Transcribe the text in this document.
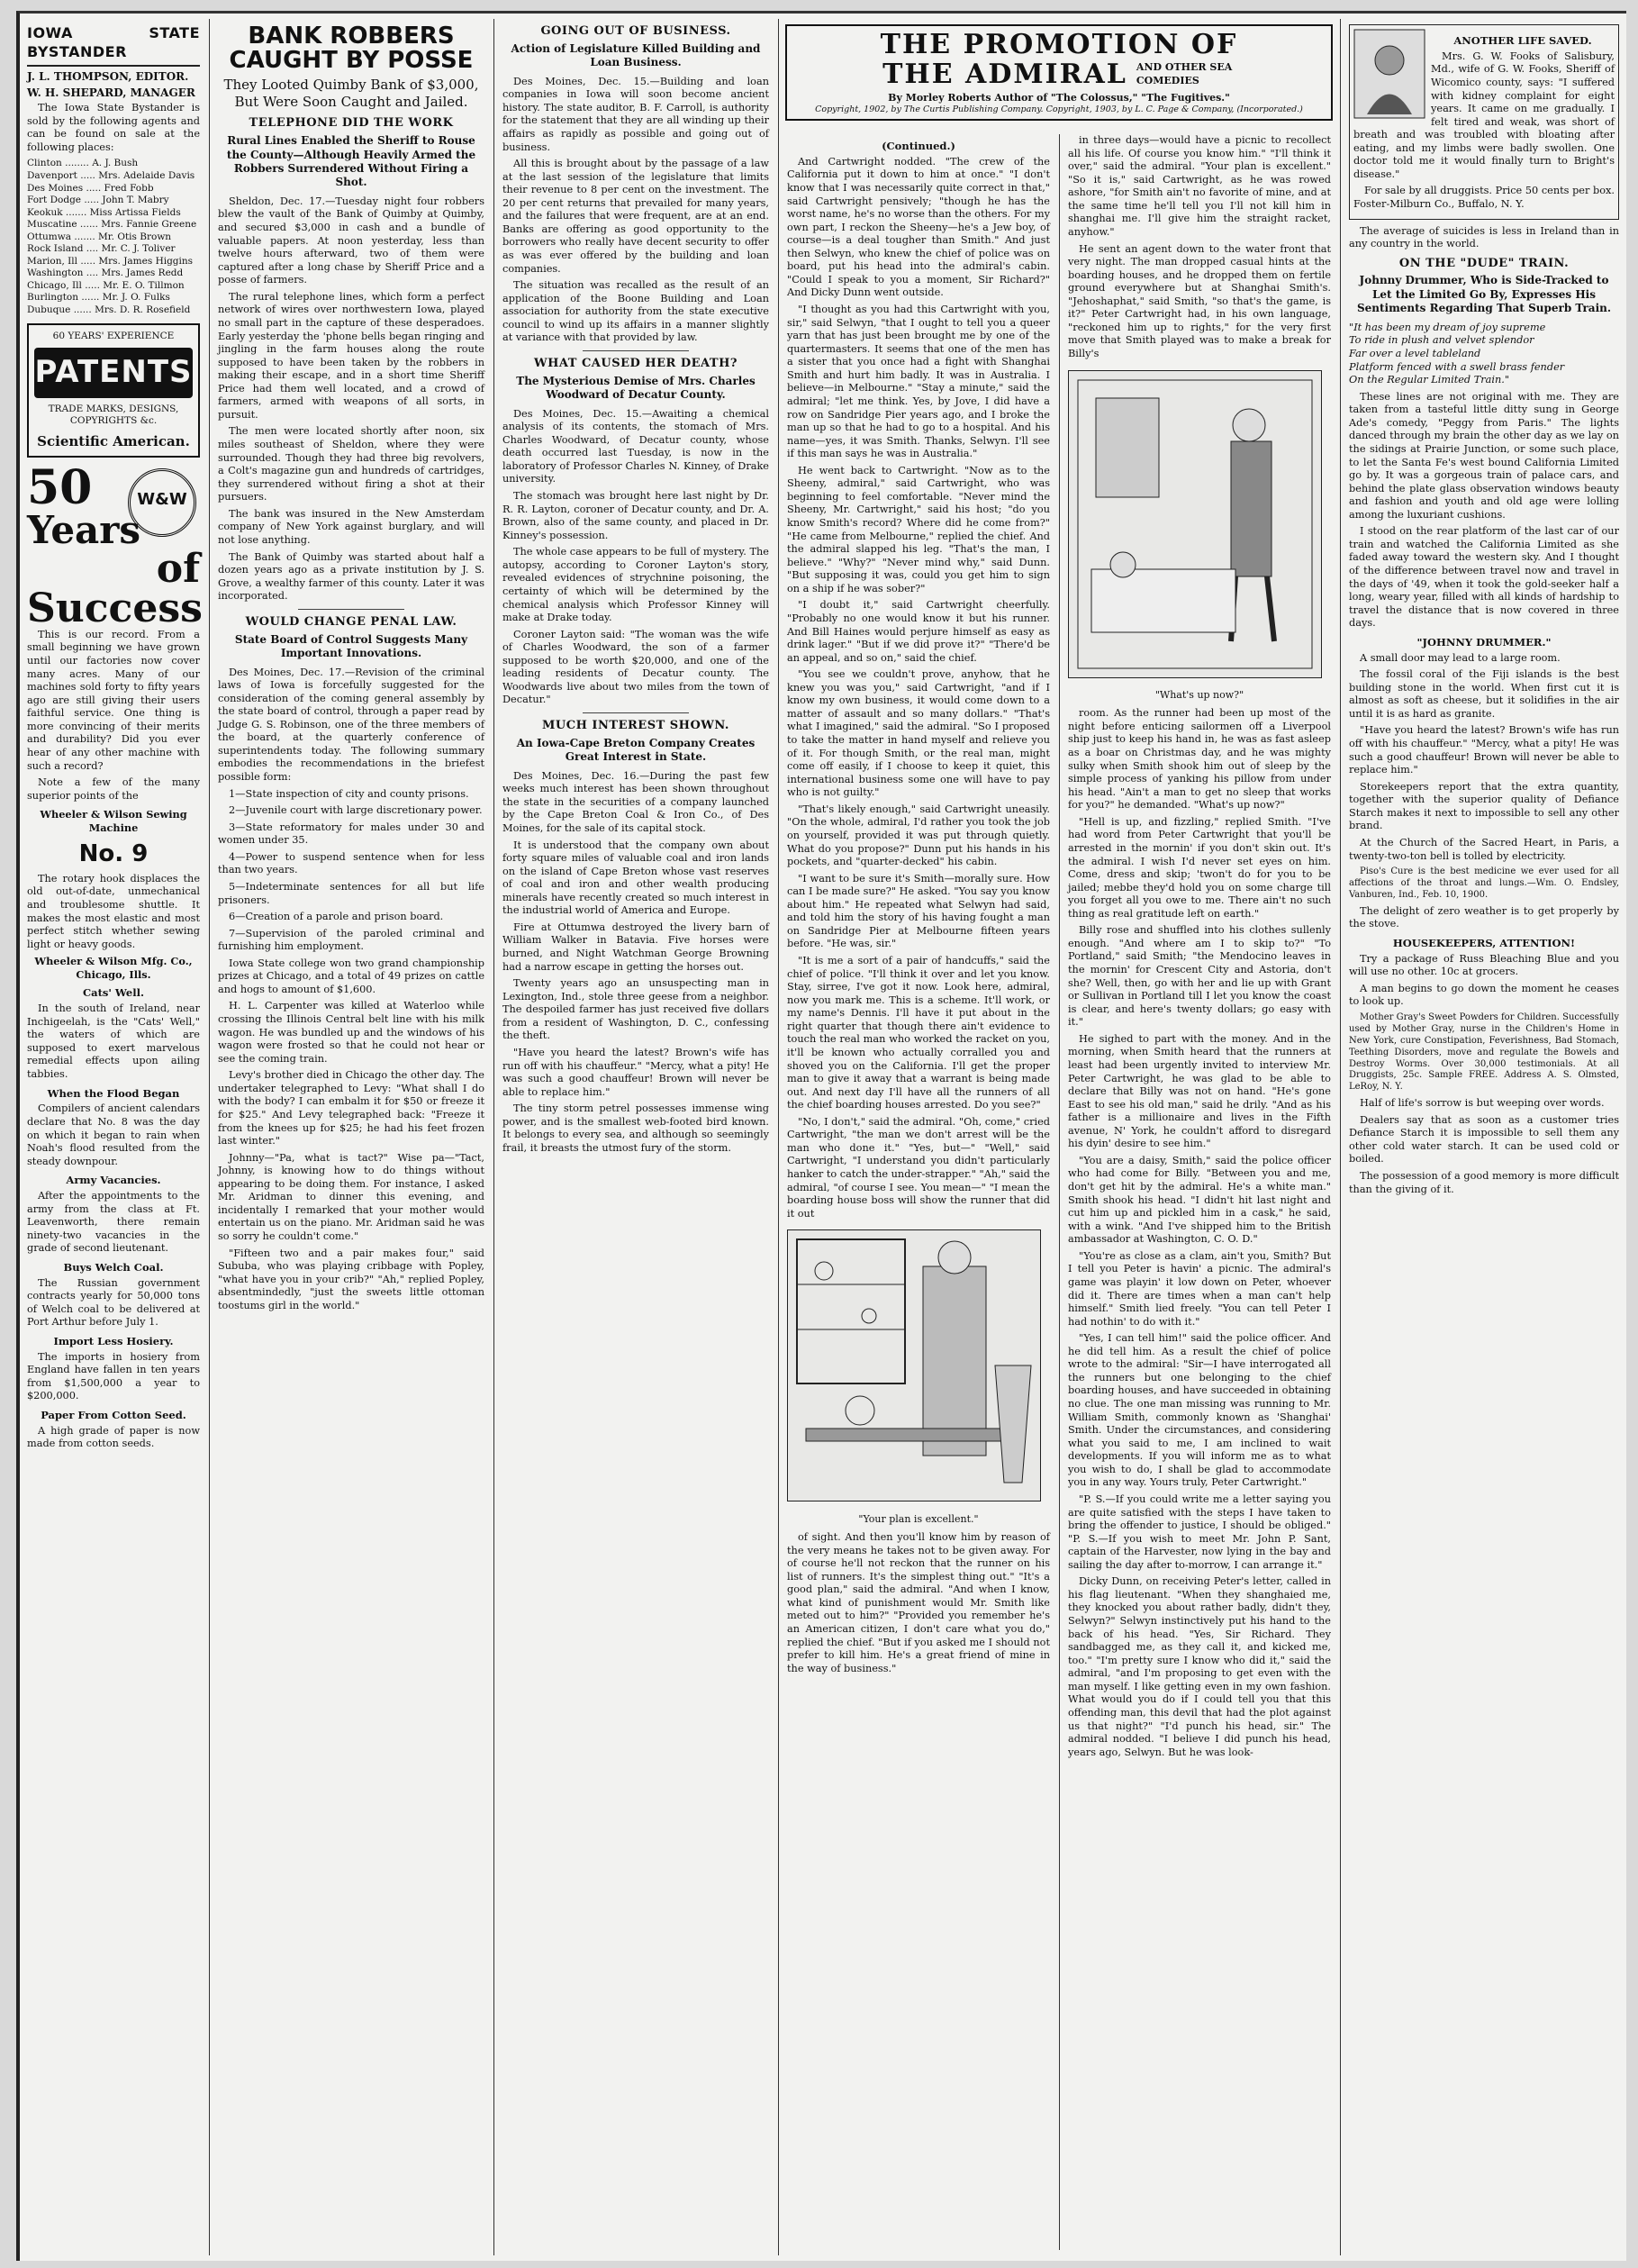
IOWA STATE BYSTANDER
J. L. THOMPSON, EDITOR.
W. H. SHEPARD, MANAGER

The Iowa State Bystander is sold by the following agents and can be found on sale at the following places:

Clinton ........ A. J. Bush
Davenport ..... Mrs. Adelaide Davis
Des Moines ..... Fred Fobb
Fort Dodge ..... John T. Mabry
Keokuk ....... Miss Artissa Fields
Muscatine ...... Mrs. Fannie Greene
Ottumwa ....... Mr. Otis Brown
Rock Island .... Mr. C. J. Toliver
Marion, Ill ..... Mrs. James Higgins
Washington .... Mrs. James Redd
Chicago, Ill ..... Mr. E. O. Tillmon
Burlington ...... Mr. J. O. Fulks
Dubuque ...... Mrs. D. R. Rosefield
60 YEARS' EXPERIENCE
PATENTS
TRADE MARKS, DESIGNS, COPYRIGHTS &c.
Scientific American.
50	W&W
Years
of Success

This is our record. From a small beginning we have grown until our factories now cover many acres. Many of our machines sold forty to fifty years ago are still giving their users faithful service. One thing is more convincing of their merits and durability? Did you ever hear of any other machine with such a record?

Note a few of the many superior points of the

Wheeler & Wilson Sewing Machine
No. 9

The rotary hook displaces the old out-of-date, unmechanical and troublesome shuttle. It makes the most elastic and most perfect stitch whether sewing light or heavy goods.

Wheeler & Wilson Mfg. Co., Chicago, Ills.
Cats' Well.

In the south of Ireland, near Inchigeelah, is the "Cats' Well," the waters of which are supposed to exert marvelous remedial effects upon ailing tabbies.

When the Flood Began

Compilers of ancient calendars declare that No. 8 was the day on which it began to rain when Noah's flood resulted from the steady downpour.

Army Vacancies.

After the appointments to the army from the class at Ft. Leavenworth, there remain ninety-two vacancies in the grade of second lieutenant.

Buys Welch Coal.

The Russian government contracts yearly for 50,000 tons of Welch coal to be delivered at Port Arthur before July 1.

Import Less Hosiery.

The imports in hosiery from England have fallen in ten years from $1,500,000 a year to $200,000.

Paper From Cotton Seed.

A high grade of paper is now made from cotton seeds.

BANK ROBBERS CAUGHT BY POSSE
They Looted Quimby Bank of $3,000, But Were Soon Caught and Jailed.
TELEPHONE DID THE WORK
Rural Lines Enabled the Sheriff to Rouse the County—Although Heavily Armed the Robbers Surrendered Without Firing a Shot.

Sheldon, Dec. 17.—Tuesday night four robbers blew the vault of the Bank of Quimby at Quimby, and secured $3,000 in cash and a bundle of valuable papers. At noon yesterday, less than twelve hours afterward, two of them were captured after a long chase by Sheriff Price and a posse of farmers.

The rural telephone lines, which form a perfect network of wires over northwestern Iowa, played no small part in the capture of these desperadoes. Early yesterday the 'phone bells began ringing and jingling in the farm houses along the route supposed to have been taken by the robbers in making their escape, and in a short time Sheriff Price had them well located, and a crowd of farmers, armed with weapons of all sorts, in pursuit.

The men were located shortly after noon, six miles southeast of Sheldon, where they were surrounded. Though they had three big revolvers, a Colt's magazine gun and hundreds of cartridges, they surrendered without firing a shot at their pursuers.

The bank was insured in the New Amsterdam company of New York against burglary, and will not lose anything.

The Bank of Quimby was started about half a dozen years ago as a private institution by J. S. Grove, a wealthy farmer of this county. Later it was incorporated.

WOULD CHANGE PENAL LAW.
State Board of Control Suggests Many Important Innovations.

Des Moines, Dec. 17.—Revision of the criminal laws of Iowa is forcefully suggested for the consideration of the coming general assembly by the state board of control, through a paper read by Judge G. S. Robinson, one of the three members of the board, at the quarterly conference of superintendents today. The following summary embodies the recommendations in the briefest possible form:

1—State inspection of city and county prisons.

2—Juvenile court with large discretionary power.

3—State reformatory for males under 30 and women under 35.

4—Power to suspend sentence when for less than two years.

5—Indeterminate sentences for all but life prisoners.

6—Creation of a parole and prison board.

7—Supervision of the paroled criminal and furnishing him employment.

Iowa State college won two grand championship prizes at Chicago, and a total of 49 prizes on cattle and hogs to amount of $1,600.

H. L. Carpenter was killed at Waterloo while crossing the Illinois Central belt line with his milk wagon. He was bundled up and the windows of his wagon were frosted so that he could not hear or see the coming train.

Levy's brother died in Chicago the other day. The undertaker telegraphed to Levy: "What shall I do with the body? I can embalm it for $50 or freeze it for $25." And Levy telegraphed back: "Freeze it from the knees up for $25; he had his feet frozen last winter."

Johnny—"Pa, what is tact?" Wise pa—"Tact, Johnny, is knowing how to do things without appearing to be doing them. For instance, I asked Mr. Aridman to dinner this evening, and incidentally I remarked that your mother would entertain us on the piano. Mr. Aridman said he was so sorry he couldn't come."

"Fifteen two and a pair makes four," said Sububa, who was playing cribbage with Popley, "what have you in your crib?" "Ah," replied Popley, absentmindedly, "just the sweets little ottoman toostums girl in the world."

GOING OUT OF BUSINESS.
Action of Legislature Killed Building and Loan Business.

Des Moines, Dec. 15.—Building and loan companies in Iowa will soon become ancient history. The state auditor, B. F. Carroll, is authority for the statement that they are all winding up their affairs as rapidly as possible and going out of business.

All this is brought about by the passage of a law at the last session of the legislature that limits their revenue to 8 per cent on the investment. The 20 per cent returns that prevailed for many years, and the failures that were frequent, are at an end. Banks are offering as good opportunity to the borrowers who really have decent security to offer as was ever offered by the building and loan companies.

The situation was recalled as the result of an application of the Boone Building and Loan association for authority from the state executive council to wind up its affairs in a manner slightly at variance with that provided by law.

WHAT CAUSED HER DEATH?
The Mysterious Demise of Mrs. Charles Woodward of Decatur County.

Des Moines, Dec. 15.—Awaiting a chemical analysis of its contents, the stomach of Mrs. Charles Woodward, of Decatur county, whose death occurred last Tuesday, is now in the laboratory of Professor Charles N. Kinney, of Drake university.

The stomach was brought here last night by Dr. R. R. Layton, coroner of Decatur county, and Dr. A. Brown, also of the same county, and placed in Dr. Kinney's possession.

The whole case appears to be full of mystery. The autopsy, according to Coroner Layton's story, revealed evidences of strychnine poisoning, the certainty of which will be determined by the chemical analysis which Professor Kinney will make at Drake today.

Coroner Layton said: "The woman was the wife of Charles Woodward, the son of a farmer supposed to be worth $20,000, and one of the leading residents of Decatur county. The Woodwards live about two miles from the town of Decatur."

MUCH INTEREST SHOWN.
An Iowa-Cape Breton Company Creates Great Interest in State.

Des Moines, Dec. 16.—During the past few weeks much interest has been shown throughout the state in the securities of a company launched by the Cape Breton Coal & Iron Co., of Des Moines, for the sale of its capital stock.

It is understood that the company own about forty square miles of valuable coal and iron lands on the island of Cape Breton whose vast reserves of coal and iron and other wealth producing minerals have recently created so much interest in the industrial world of America and Europe.

Fire at Ottumwa destroyed the livery barn of William Walker in Batavia. Five horses were burned, and Night Watchman George Browning had a narrow escape in getting the horses out.

Twenty years ago an unsuspecting man in Lexington, Ind., stole three geese from a neighbor. The despoiled farmer has just received five dollars from a resident of Washington, D. C., confessing the theft.

"Have you heard the latest? Brown's wife has run off with his chauffeur." "Mercy, what a pity! He was such a good chauffeur! Brown will never be able to replace him."

The tiny storm petrel possesses immense wing power, and is the smallest web-footed bird known. It belongs to every sea, and although so seemingly frail, it breasts the utmost fury of the storm.

THE PROMOTION OF
THE ADMIRAL AND OTHER SEA COMEDIES
By Morley Roberts Author of "The Colossus," "The Fugitives."
Copyright, 1902, by The Curtis Publishing Company. Copyright, 1903, by L. C. Page & Company, (Incorporated.)
(Continued.)

And Cartwright nodded. "The crew of the California put it down to him at once." "I don't know that I was necessarily quite correct in that," said Cartwright pensively; "though he has the worst name, he's no worse than the others. For my own part, I reckon the Sheeny—he's a Jew boy, of course—is a deal tougher than Smith." And just then Selwyn, who knew the chief of police was on board, put his head into the admiral's cabin. "Could I speak to you a moment, Sir Richard?" And Dicky Dunn went outside.

"I thought as you had this Cartwright with you, sir," said Selwyn, "that I ought to tell you a queer yarn that has just been brought me by one of the quartermasters. It seems that one of the men has a sister that you once had a fight with Shanghai Smith and hurt him badly. It was in Australia. I believe—in Melbourne." "Stay a minute," said the admiral; "let me think. Yes, by Jove, I did have a row on Sandridge Pier years ago, and I broke the man up so that he had to go to a hospital. And his name—yes, it was Smith. Thanks, Selwyn. I'll see if this man says he was in Australia."

He went back to Cartwright. "Now as to the Sheeny, admiral," said Cartwright, who was beginning to feel comfortable. "Never mind the Sheeny, Mr. Cartwright," said his host; "do you know Smith's record? Where did he come from?" "He came from Melbourne," replied the chief. And the admiral slapped his leg. "That's the man, I believe." "Why?" "Never mind why," said Dunn. "But supposing it was, could you get him to sign on a ship if he was sober?"

"I doubt it," said Cartwright cheerfully. "Probably no one would know it but his runner. And Bill Haines would perjure himself as easy as drink lager." "But if we did prove it?" "There'd be an appeal, and so on," said the chief.

"You see we couldn't prove, anyhow, that he knew you was you," said Cartwright, "and if I know my own business, it would come down to a matter of assault and so many dollars." "That's what I imagined," said the admiral. "So I proposed to take the matter in hand myself and relieve you of it. For though Smith, or the real man, might come off easily, if I choose to keep it quiet, this international business some one will have to pay who is not guilty."

"That's likely enough," said Cartwright uneasily. "On the whole, admiral, I'd rather you took the job on yourself, provided it was put through quietly. What do you propose?" Dunn put his hands in his pockets, and "quarter-decked" his cabin.

"I want to be sure it's Smith—morally sure. How can I be made sure?" He asked. "You say you know about him." He repeated what Selwyn had said, and told him the story of his having fought a man on Sandridge Pier at Melbourne fifteen years before. "He was, sir."

"It is me a sort of a pair of handcuffs," said the chief of police. "I'll think it over and let you know. Stay, sirree, I've got it now. Look here, admiral, now you mark me. This is a scheme. It'll work, or my name's Dennis. I'll have it put about in the right quarter that though there ain't evidence to touch the real man who worked the racket on you, it'll be known who actually corralled you and shoved you on the California. I'll get the proper man to give it away that a warrant is being made out. And next day I'll have all the runners of all the chief boarding houses arrested. Do you see?"

"No, I don't," said the admiral. "Oh, come," cried Cartwright, "the man we don't arrest will be the man who done it." "Yes, but—" "Well," said Cartwright, "I understand you didn't particularly hanker to catch the under-strapper." "Ah," said the admiral, "of course I see. You mean—" "I mean the boarding house boss will show the runner that did it out

"Your plan is excellent."

of sight. And then you'll know him by reason of the very means he takes not to be given away. For of course he'll not reckon that the runner on his list of runners. It's the simplest thing out." "It's a good plan," said the admiral. "And when I know, what kind of punishment would Mr. Smith like meted out to him?" "Provided you remember he's an American citizen, I don't care what you do," replied the chief. "But if you asked me I should not prefer to kill him. He's a great friend of mine in the way of business."

in three days—would have a picnic to recollect all his life. Of course you know him." "I'll think it over," said the admiral. "Your plan is excellent." "So it is," said Cartwright, as he was rowed ashore, "for Smith ain't no favorite of mine, and at the same time he'll tell you I'll not kill him in shanghai me. I'll give him the straight racket, anyhow."

He sent an agent down to the water front that very night. The man dropped casual hints at the boarding houses, and he dropped them on fertile ground everywhere but at Shanghai Smith's. "Jehoshaphat," said Smith, "so that's the game, is it?" Peter Cartwright had, in his own language, "reckoned him up to rights," for the very first move that Smith played was to make a break for Billy's

"What's up now?"

room. As the runner had been up most of the night before enticing sailormen off a Liverpool ship just to keep his hand in, he was as fast asleep as a boar on Christmas day, and he was mighty sulky when Smith shook him out of sleep by the simple process of yanking his pillow from under his head. "Ain't a man to get no sleep that works for you?" he demanded. "What's up now?"

"Hell is up, and fizzling," replied Smith. "I've had word from Peter Cartwright that you'll be arrested in the mornin' if you don't skin out. It's the admiral. I wish I'd never set eyes on him. Come, dress and skip; 'twon't do for you to be jailed; mebbe they'd hold you on some charge till you forget all you owe to me. There ain't no such thing as real gratitude left on earth."

Billy rose and shuffled into his clothes sullenly enough. "And where am I to skip to?" "To Portland," said Smith; "the Mendocino leaves in the mornin' for Crescent City and Astoria, don't she? Well, then, go with her and lie up with Grant or Sullivan in Portland till I let you know the coast is clear, and here's twenty dollars; go easy with it."

He sighed to part with the money. And in the morning, when Smith heard that the runners at least had been urgently invited to interview Mr. Peter Cartwright, he was glad to be able to declare that Billy was not on hand. "He's gone East to see his old man," said he drily. "And as his father is a millionaire and lives in the Fifth avenue, N' York, he couldn't afford to disregard his dyin' desire to see him."

"You are a daisy, Smith," said the police officer who had come for Billy. "Between you and me, don't get hit by the admiral. He's a white man." Smith shook his head. "I didn't hit last night and cut him up and pickled him in a cask," he said, with a wink. "And I've shipped him to the British ambassador at Washington, C. O. D."

"You're as close as a clam, ain't you, Smith? But I tell you Peter is havin' a picnic. The admiral's game was playin' it low down on Peter, whoever did it. There are times when a man can't help himself." Smith lied freely. "You can tell Peter I had nothin' to do with it."

"Yes, I can tell him!" said the police officer. And he did tell him. As a result the chief of police wrote to the admiral: "Sir—I have interrogated all the runners but one belonging to the chief boarding houses, and have succeeded in obtaining no clue. The one man missing was running to Mr. William Smith, commonly known as 'Shanghai' Smith. Under the circumstances, and considering what you said to me, I am inclined to wait developments. If you will inform me as to what you wish to do, I shall be glad to accommodate you in any way. Yours truly, Peter Cartwright."

"P. S.—If you could write me a letter saying you are quite satisfied with the steps I have taken to bring the offender to justice, I should be obliged." "P. S.—If you wish to meet Mr. John P. Sant, captain of the Harvester, now lying in the bay and sailing the day after to-morrow, I can arrange it."

Dicky Dunn, on receiving Peter's letter, called in his flag lieutenant. "When they shanghaied me, they knocked you about rather badly, didn't they, Selwyn?" Selwyn instinctively put his hand to the back of his head. "Yes, Sir Richard. They sandbagged me, as they call it, and kicked me, too." "I'm pretty sure I know who did it," said the admiral, "and I'm proposing to get even with the man myself. I like getting even in my own fashion. What would you do if I could tell you that this offending man, this devil that had the plot against us that night?" "I'd punch his head, sir." The admiral nodded. "I believe I did punch his head, years ago, Selwyn. But he was look-

ANOTHER LIFE SAVED.

Mrs. G. W. Fooks of Salisbury, Md., wife of G. W. Fooks, Sheriff of Wicomico county, says: "I suffered with kidney complaint for eight years. It came on me gradually. I felt tired and weak, was short of breath and was troubled with bloating after eating, and my limbs were badly swollen. One doctor told me it would finally turn to Bright's disease."

For sale by all druggists. Price 50 cents per box. Foster-Milburn Co., Buffalo, N. Y.

The average of suicides is less in Ireland than in any country in the world.

ON THE "DUDE" TRAIN.
Johnny Drummer, Who is Side-Tracked to Let the Limited Go By, Expresses His Sentiments Regarding That Superb Train.

"It has been my dream of joy supreme
To ride in plush and velvet splendor
Far over a level tableland
Platform fenced with a swell brass fender
On the Regular Limited Train."

These lines are not original with me. They are taken from a tasteful little ditty sung in George Ade's comedy, "Peggy from Paris." The lights danced through my brain the other day as we lay on the sidings at Prairie Junction, or some such place, to let the Santa Fe's west bound California Limited go by. It was a gorgeous train of palace cars, and behind the plate glass observation windows beauty and fashion and youth and old age were lolling among the luxuriant cushions.

I stood on the rear platform of the last car of our train and watched the California Limited as she faded away toward the western sky. And I thought of the difference between travel now and travel in the days of '49, when it took the gold-seeker half a long, weary year, filled with all kinds of hardship to travel the distance that is now covered in three days.

"JOHNNY DRUMMER."

A small door may lead to a large room.

The fossil coral of the Fiji islands is the best building stone in the world. When first cut it is almost as soft as cheese, but it solidifies in the air until it is as hard as granite.

"Have you heard the latest? Brown's wife has run off with his chauffeur." "Mercy, what a pity! He was such a good chauffeur! Brown will never be able to replace him."

Storekeepers report that the extra quantity, together with the superior quality of Defiance Starch makes it next to impossible to sell any other brand.

At the Church of the Sacred Heart, in Paris, a twenty-two-ton bell is tolled by electricity.

Piso's Cure is the best medicine we ever used for all affections of the throat and lungs.—Wm. O. Endsley, Vanburen, Ind., Feb. 10, 1900.

The delight of zero weather is to get properly by the stove.

HOUSEKEEPERS, ATTENTION!

Try a package of Russ Bleaching Blue and you will use no other. 10c at grocers.

A man begins to go down the moment he ceases to look up.

Mother Gray's Sweet Powders for Children. Successfully used by Mother Gray, nurse in the Children's Home in New York, cure Constipation, Feverishness, Bad Stomach, Teething Disorders, move and regulate the Bowels and Destroy Worms. Over 30,000 testimonials. At all Druggists, 25c. Sample FREE. Address A. S. Olmsted, LeRoy, N. Y.

Half of life's sorrow is but weeping over words.

Dealers say that as soon as a customer tries Defiance Starch it is impossible to sell them any other cold water starch. It can be used cold or boiled.

The possession of a good memory is more difficult than the giving of it.
